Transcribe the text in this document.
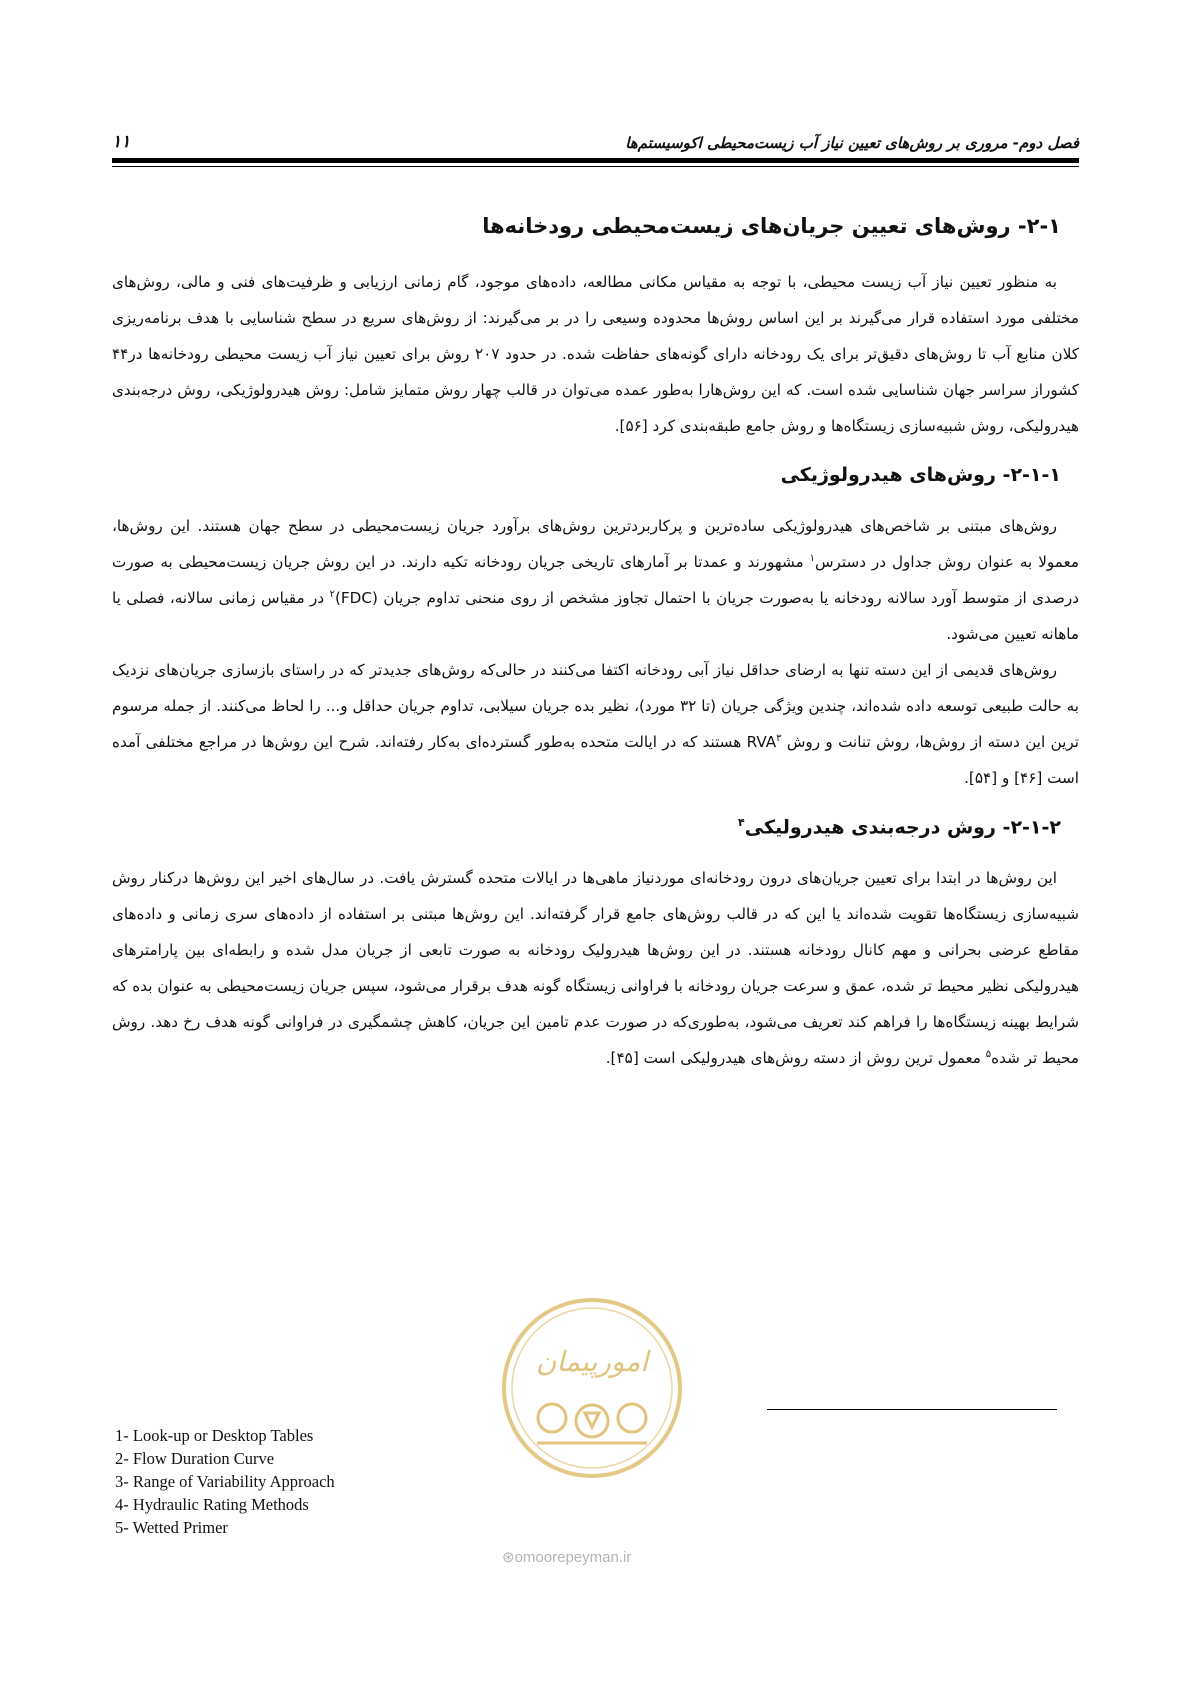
فصل دوم- مروری بر روش‌های تعیین نیاز آب زیست‌محیطی اکوسیستم‌ها
۱۱
۲-۱- روش‌های تعیین جریان‌های زیست‌محیطی رودخانه‌ها

به منظور تعیین نیاز آب زیست محیطی، با توجه به مقیاس مکانی مطالعه، داده‌های موجود، گام زمانی ارزیابی و ظرفیت‌های فنی و مالی، روش‌های مختلفی مورد استفاده قرار می‌گیرند بر این اساس روش‌ها محدوده وسیعی را در بر می‌گیرند: از روش‌های سریع در سطح شناسایی با هدف برنامه‌ریزی کلان منابع آب تا روش‌های دقیق‌تر برای یک رودخانه دارای گونه‌های حفاظت شده. در حدود ۲۰۷ روش برای تعیین نیاز آب زیست محیطی رودخانه‌ها در۴۴ کشوراز سراسر جهان شناسایی شده است. که این روش‌هارا به‌طور عمده می‌توان در قالب چهار روش متمایز شامل: روش هیدرولوژیکی، روش درجه‌بندی هیدرولیکی، روش شبیه‌سازی زیستگاه‌ها و روش جامع طبقه‌بندی کرد [۵۶].

۲-۱-۱- روش‌های هیدرولوژیکی

روش‌های مبتنی بر شاخص‌های هیدرولوژیکی ساده‌ترین و پرکاربردترین روش‌های برآورد جریان زیست‌محیطی در سطح جهان هستند. این روش‌ها، معمولا به عنوان روش جداول در دسترس$^۱$ مشهورند و عمدتا بر آمارهای تاریخی جریان رودخانه تکیه دارند. در این روش جریان زیست‌محیطی به صورت درصدی از متوسط آورد سالانه رودخانه یا به‌صورت جریان با احتمال تجاوز مشخص از روی منحنی تداوم جریان (FDC)$^۲$ در مقیاس زمانی سالانه، فصلی یا ماهانه تعیین می‌شود.

روش‌های قدیمی از این دسته تنها به ارضای حداقل نیاز آبی رودخانه اکتفا می‌کنند در حالی‌که روش‌های جدیدتر که در راستای بازسازی جریان‌های نزدیک به حالت طبیعی توسعه داده شده‌اند، چندین ویژگی جریان (تا ۳۲ مورد)، نظیر بده جریان سیلابی، تداوم جریان حداقل و... را لحاظ می‌کنند. از جمله مرسوم ترین این دسته از روش‌ها، روش تنانت و روش RVA$^۳$ هستند که در ایالت متحده به‌طور گسترده‌ای به‌کار رفته‌اند. شرح این روش‌ها در مراجع مختلفی آمده است [۴۶] و [۵۴].

۲-۱-۲- روش درجه‌بندی هیدرولیکی$^۴$

این روش‌ها در ابتدا برای تعیین جریان‌های درون رودخانه‌ای موردنیاز ماهی‌ها در ایالات متحده گسترش یافت. در سال‌های اخیر این روش‌ها درکنار روش شبیه‌سازی زیستگاه‌ها تقویت شده‌اند یا این که در قالب روش‌های جامع قرار گرفته‌اند. این روش‌ها مبتنی بر استفاده از داده‌های سری زمانی و داده‌های مقاطع عرضی بحرانی و مهم کانال رودخانه هستند. در این روش‌ها هیدرولیک رودخانه به صورت تابعی از جریان مدل شده و رابطه‌ای بین پارامترهای هیدرولیکی نظیر محیط تر شده، عمق و سرعت جریان رودخانه با فراوانی زیستگاه گونه هدف برقرار می‌شود، سپس جریان زیست‌محیطی به عنوان بده که شرایط بهینه زیستگاه‌ها را فراهم کند تعریف می‌شود، به‌طوری‌که در صورت عدم تامین این جریان، کاهش چشمگیری در فراوانی گونه هدف رخ دهد. روش محیط تر شده$^۵$ معمول ترین روش از دسته روش‌های هیدرولیکی است [۴۵].

امورپیمان
1- Look-up or Desktop Tables
2- Flow Duration Curve
3- Range of Variability Approach
4- Hydraulic Rating Methods
5- Wetted Primer
⊛omoorepeyman.ir
